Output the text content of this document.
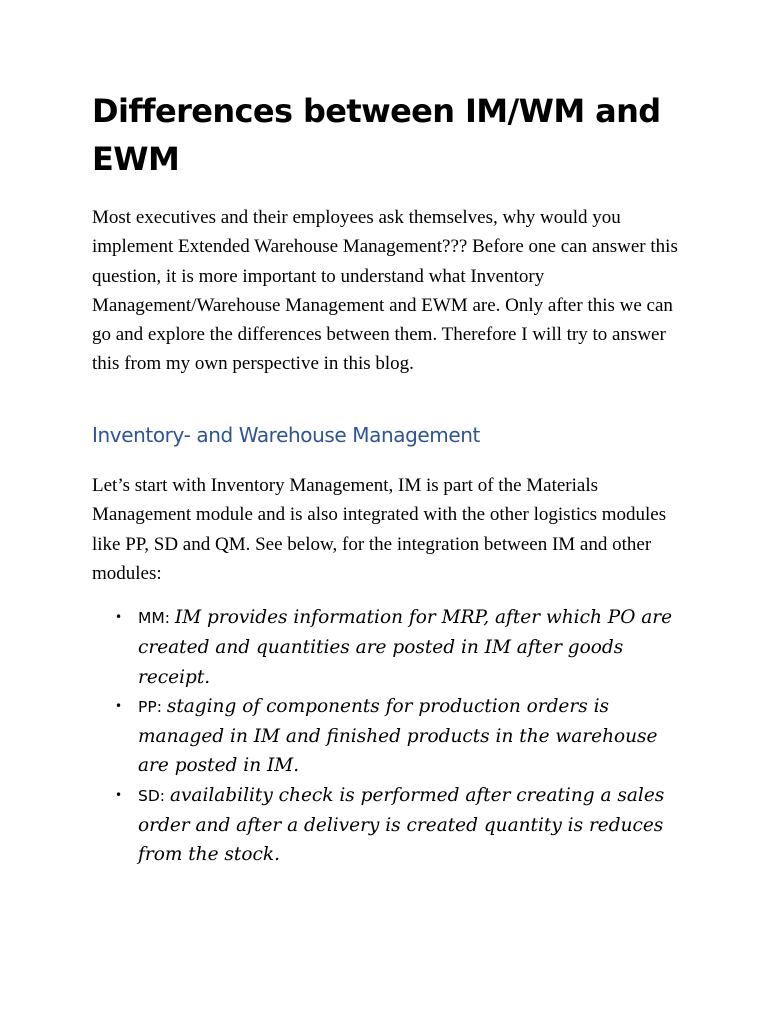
Differences between IM/WM and EWM

Most executives and their employees ask themselves, why would you implement Extended Warehouse Management??? Before one can answer this question, it is more important to understand what Inventory Management/Warehouse Management and EWM are. Only after this we can go and explore the differences between them. Therefore I will try to answer this from my own perspective in this blog.

Inventory- and Warehouse Management

Let’s start with Inventory Management, IM is part of the Materials Management module and is also integrated with the other logistics modules like PP, SD and QM. See below, for the integration between IM and other modules:

• MM: IM provides information for MRP, after which PO are created and quantities are posted in IM after goods receipt.
• PP: staging of components for production orders is managed in IM and finished products in the warehouse are posted in IM.
• SD: availability check is performed after creating a sales order and after a delivery is created quantity is reduces from the stock.
